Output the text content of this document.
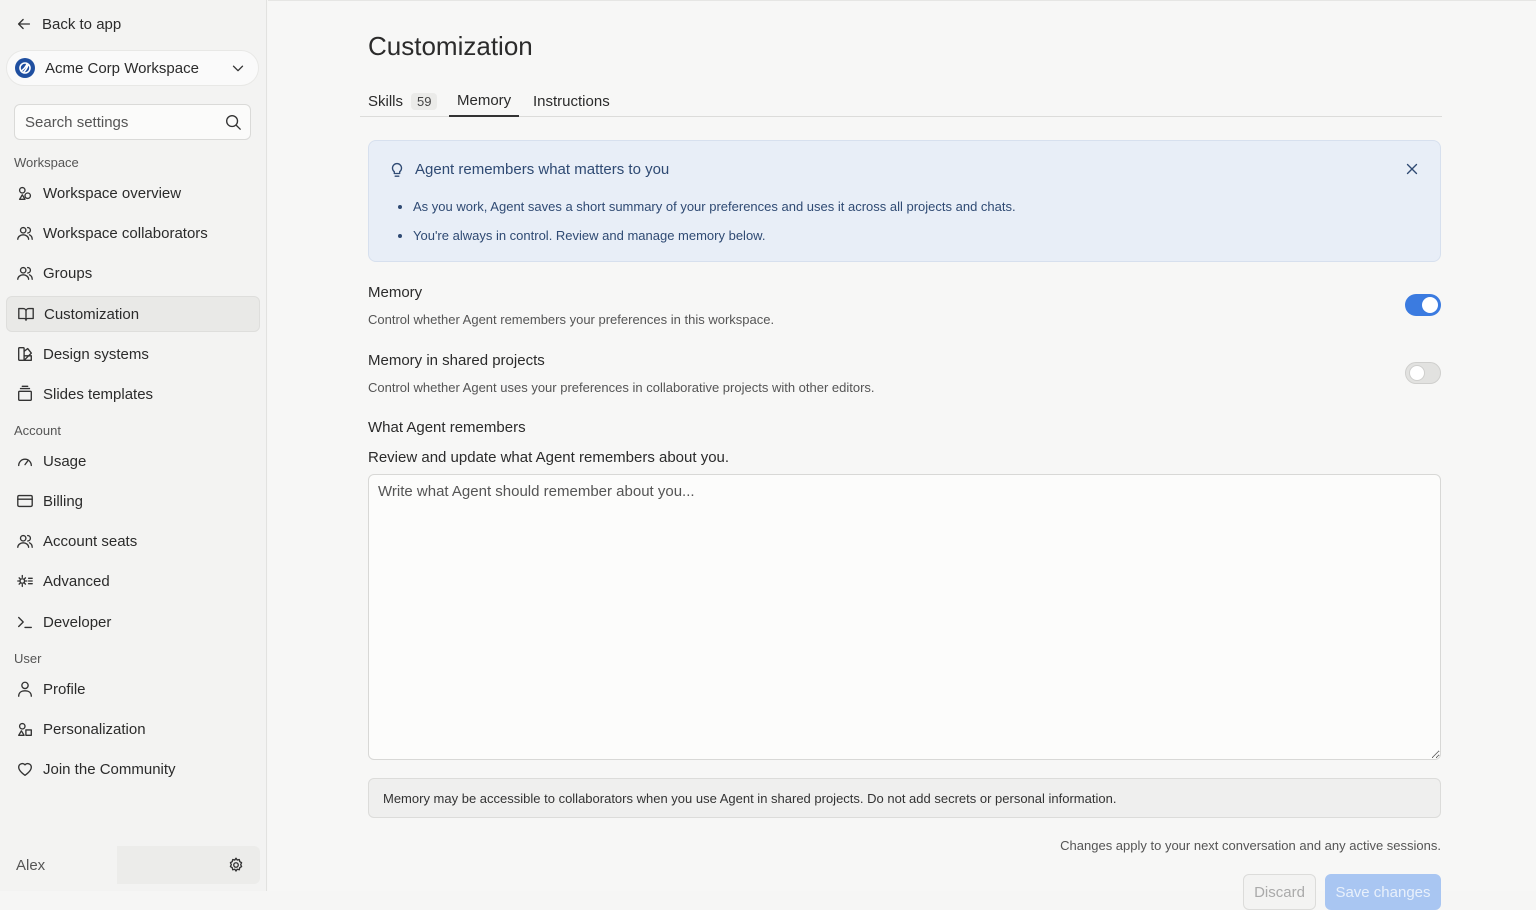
Back to app
Acme Corp Workspace
Search settings
Workspace
Workspace overview
Workspace collaborators
Groups
Customization
Design systems
Slides templates
Account
Usage
Billing
Account seats
Advanced
Developer
User
Profile
Personalization
Join the Community
Alex
Customization
Skills	59	Memory Instructions
Agent remembers what matters to you
• As you work, Agent saves a short summary of your preferences and uses it across all projects and chats.
• You're always in control. Review and manage memory below.
Memory
Control whether Agent remembers your preferences in this workspace.
Memory in shared projects
Control whether Agent uses your preferences in collaborative projects with other editors.
What Agent remembers
Review and update what Agent remembers about you.
Write what Agent should remember about you...
Memory may be accessible to collaborators when you use Agent in shared projects. Do not add secrets or personal information.
Changes apply to your next conversation and any active sessions.
Discard	Save changes
